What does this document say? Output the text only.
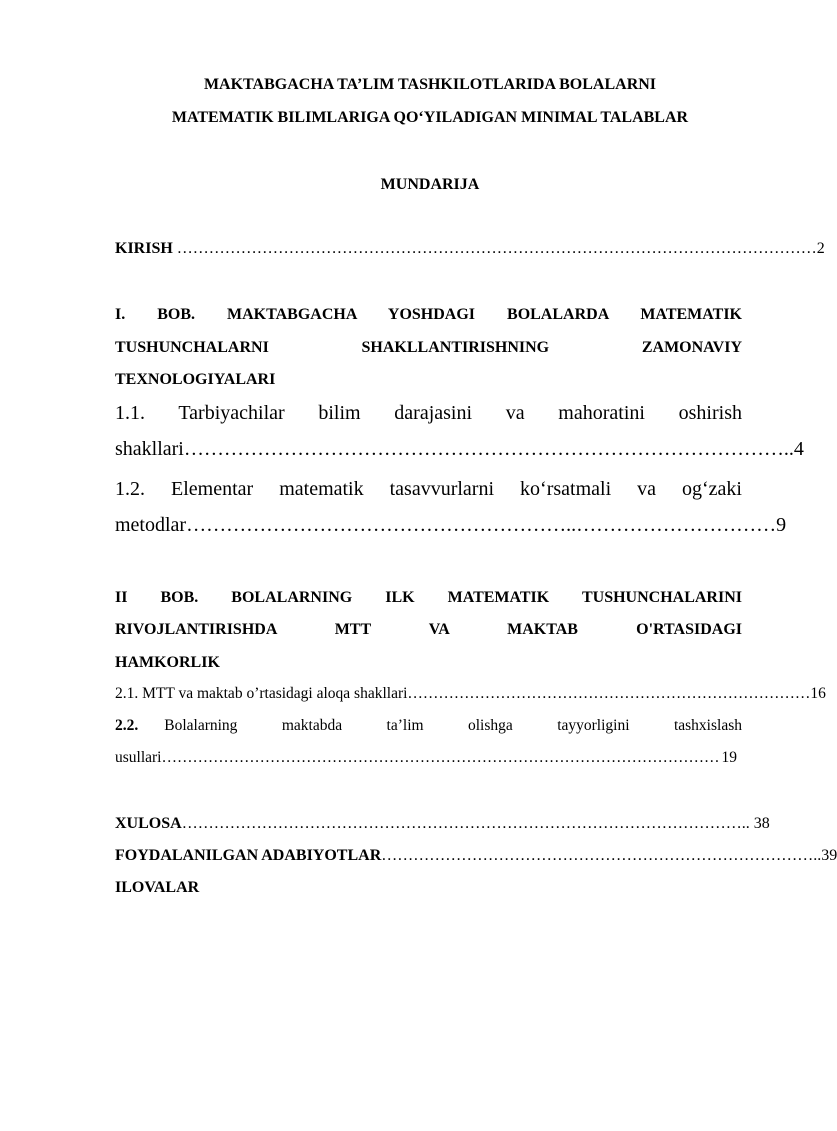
MAKTABGACHA TA’LIM TASHKILOTLARIDA BOLALARNI
MATEMATIK BILIMLARIGA QO‘YILADIGAN MINIMAL TALABLAR
MUNDARIJA
KIRISH ………………………………………………………………………………………………………… 2
I. BOB. MAKTABGACHA YOSHDAGI BOLALARDA MATEMATIK
TUSHUNCHALARNI SHAKLLANTIRISHNING ZAMONAVIY
TEXNOLOGIYALARI
1.1. Tarbiyachilar bilim darajasini va mahoratini oshirish
shakllari ……………………………………………………………………………… ..4
1.2. Elementar matematik tasavvurlarni ko‘rsatmali va og‘zaki
metodlar …………………………………………………..………………………… 9
II BOB. BOLALARNING ILK MATEMATIK TUSHUNCHALARINI
RIVOJLANTIRISHDA MTT VA MAKTAB O'RTASIDAGI
HAMKORLIK
2.1. MTT va maktab o’rtasidagi aloqa shakllari …………………………………………………………………… 16
2.2. Bolalarning maktabda ta’lim olishga tayyorligini tashxislash
usullari ……………………………………………………………………………………………… 19
XULOSA …………………………………………………………………………………………… .. 38
FOYDALANILGAN ADABIYOTLAR ……………………………………………………………………… ..39
ILOVALAR
